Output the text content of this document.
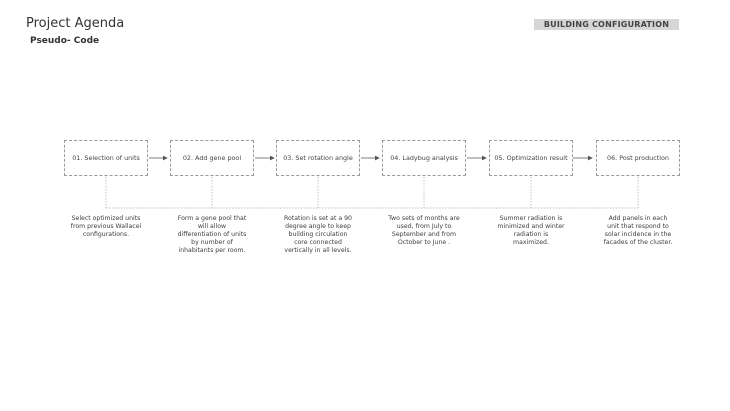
Project Agenda
Pseudo- Code
BUILDING CONFIGURATION
01. Selection of units	02. Add gene pool	03. Set rotation angle	04. Ladybug analysis	05. Optimization result	06. Post production
Select optimized units from previous Wallacei configurations.
Form a gene pool that will allow differentiation of units by number of inhabitants per room.
Rotation is set at a 90 degree angle to keep building circulation core connected vertically in all levels.
Two sets of months are used, from July to September and from October to June .
Summer radiation is minimized and winter radiation is maximized.
Add panels in each unit that respond to solar incidence in the facades of the cluster.
